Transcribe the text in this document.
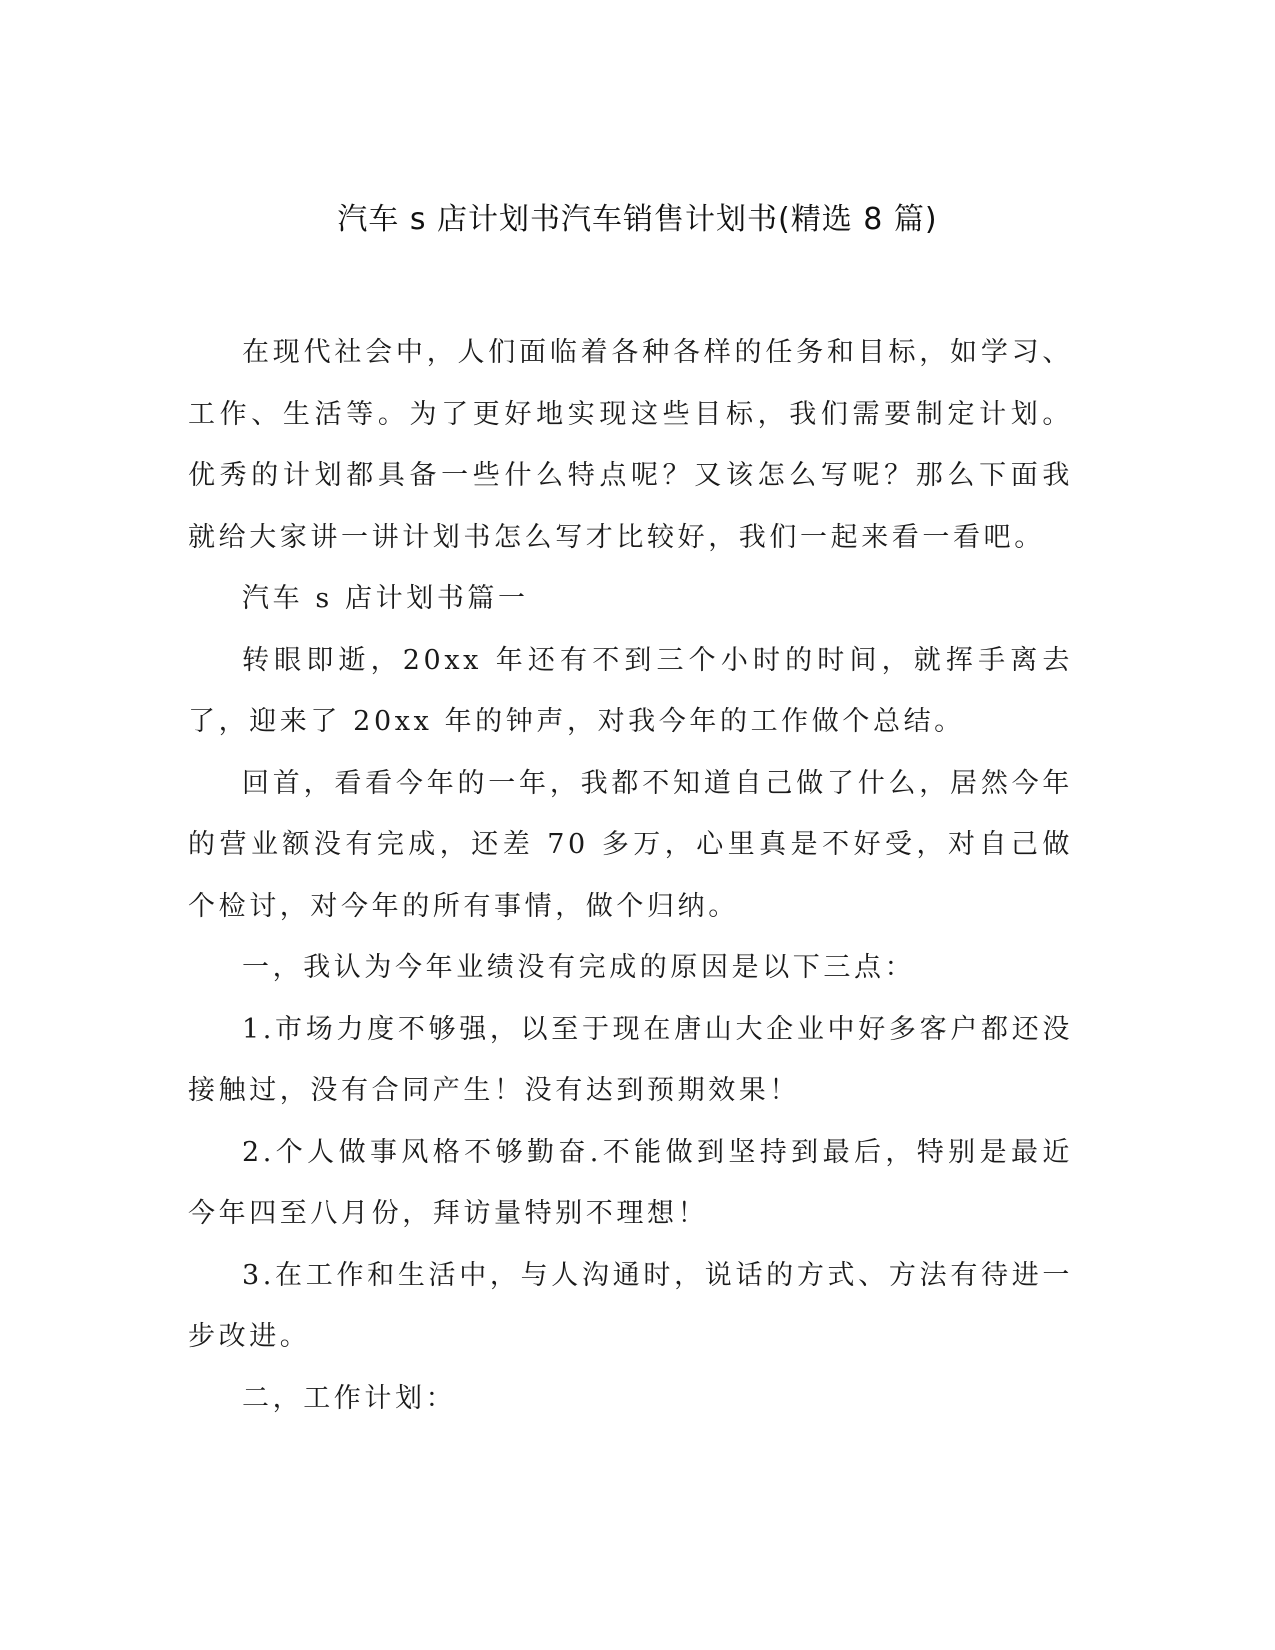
汽车 s 店计划书汽车销售计划书(精选 8 篇)

在现代社会中，人们面临着各种各样的任务和目标，如学习、工作、生活等。为了更好地实现这些目标，我们需要制定计划。优秀的计划都具备一些什么特点呢？又该怎么写呢？那么下面我就给大家讲一讲计划书怎么写才比较好，我们一起来看一看吧。

汽车 s 店计划书篇一

转眼即逝，20xx 年还有不到三个小时的时间，就挥手离去了，迎来了 20xx 年的钟声，对我今年的工作做个总结。

回首，看看今年的一年，我都不知道自己做了什么，居然今年的营业额没有完成，还差 70 多万，心里真是不好受，对自己做个检讨，对今年的所有事情，做个归纳。

一，我认为今年业绩没有完成的原因是以下三点：

1.市场力度不够强，以至于现在唐山大企业中好多客户都还没接触过，没有合同产生！没有达到预期效果！

2.个人做事风格不够勤奋.不能做到坚持到最后，特别是最近今年四至八月份，拜访量特别不理想！

3.在工作和生活中，与人沟通时，说话的方式、方法有待进一步改进。

二，工作计划：
